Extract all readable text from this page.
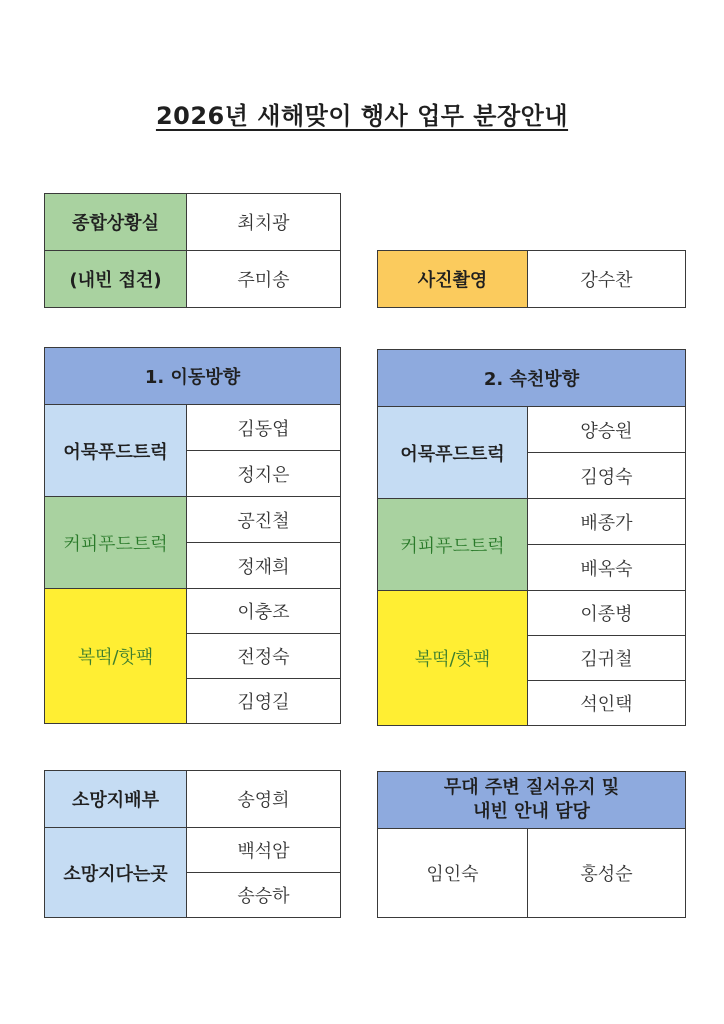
2026년 새해맞이 행사 업무 분장안내
종합상황실	최치광
(내빈 접견)	주미송	사진촬영	강수찬
1. 이동방향	
어묵푸드트럭	김동엽
	정지은
커피푸드트럭	공진철
	정재희
복떡/핫팩	이충조
	전정숙
	김영길
2. 속천방향	
어묵푸드트럭	양승원
	김영숙
커피푸드트럭	배종가
	배옥숙
복떡/핫팩	이종병
	김귀철
	석인택
소망지배부	송영희
소망지다는곳	백석암
	송승하
무대 주변 질서유지 및
내빈 안내 담당

임인숙	홍성순
